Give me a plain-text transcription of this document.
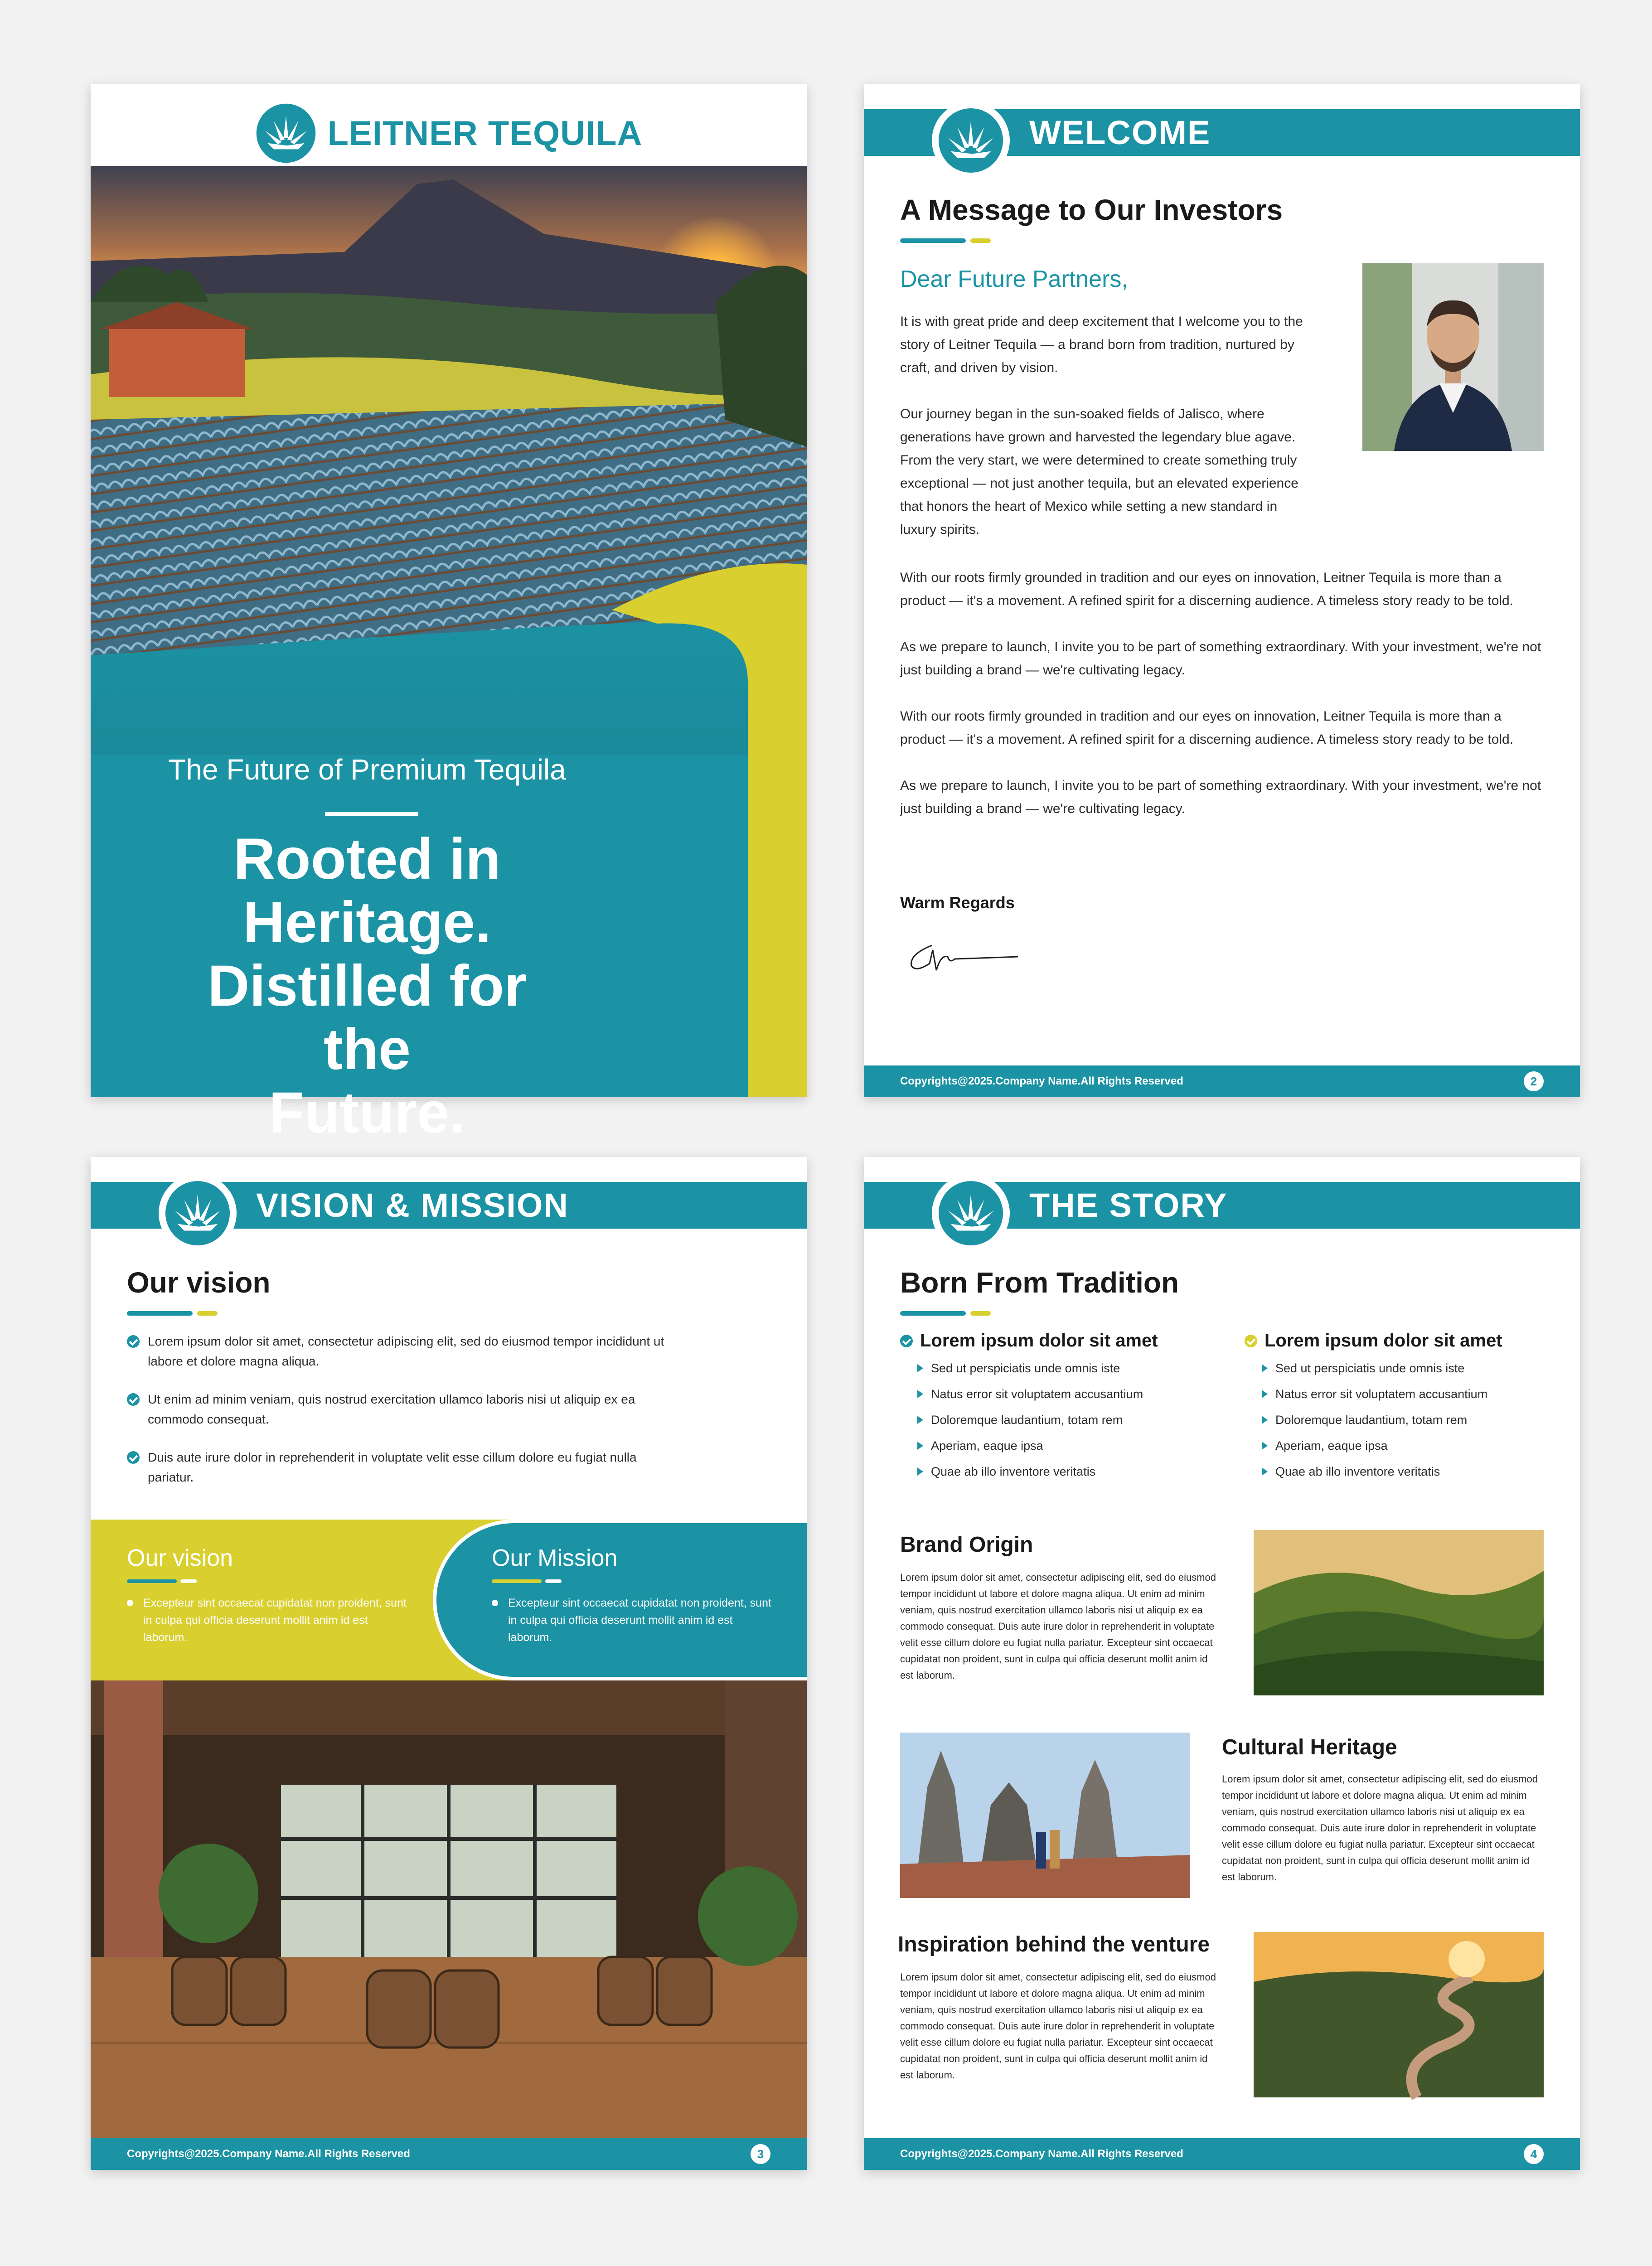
LEITNER TEQUILA
The Future of Premium Tequila
Rooted in Heritage.
Distilled for the
Future.
WELCOME
A Message to Our Investors
Dear Future Partners,

It is with great pride and deep excitement that I welcome you to the story of Leitner Tequila — a brand born from tradition, nurtured by craft, and driven by vision.

Our journey began in the sun-soaked fields of Jalisco, where generations have grown and harvested the legendary blue agave. From the very start, we were determined to create something truly exceptional — not just another tequila, but an elevated experience that honors the heart of Mexico while setting a new standard in luxury spirits.

With our roots firmly grounded in tradition and our eyes on innovation, Leitner Tequila is more than a product — it's a movement. A refined spirit for a discerning audience. A timeless story ready to be told.

As we prepare to launch, I invite you to be part of something extraordinary. With your investment, we're not just building a brand — we're cultivating legacy.

With our roots firmly grounded in tradition and our eyes on innovation, Leitner Tequila is more than a product — it's a movement. A refined spirit for a discerning audience. A timeless story ready to be told.

As we prepare to launch, I invite you to be part of something extraordinary. With your investment, we're not just building a brand — we're cultivating legacy.

Warm Regards
Copyrights@2025.Company Name.All Rights Reserved	2
VISION & MISSION
Our vision
Lorem ipsum dolor sit amet, consectetur adipiscing elit, sed do eiusmod tempor incididunt ut labore et dolore magna aliqua.
Ut enim ad minim veniam, quis nostrud exercitation ullamco laboris nisi ut aliquip ex ea commodo consequat.
Duis aute irure dolor in reprehenderit in voluptate velit esse cillum dolore eu fugiat nulla pariatur.
Our vision
Excepteur sint occaecat cupidatat non proident, sunt in culpa qui officia deserunt mollit anim id est laborum.
Our Mission
Excepteur sint occaecat cupidatat non proident, sunt in culpa qui officia deserunt mollit anim id est laborum.
Copyrights@2025.Company Name.All Rights Reserved	3
THE STORY
Born From Tradition
Lorem ipsum dolor sit amet
Sed ut perspiciatis unde omnis iste
Natus error sit voluptatem accusantium
Doloremque laudantium, totam rem
Aperiam, eaque ipsa
Quae ab illo inventore veritatis
Lorem ipsum dolor sit amet
Sed ut perspiciatis unde omnis iste
Natus error sit voluptatem accusantium
Doloremque laudantium, totam rem
Aperiam, eaque ipsa
Quae ab illo inventore veritatis
Brand Origin
Lorem ipsum dolor sit amet, consectetur adipiscing elit, sed do eiusmod tempor incididunt ut labore et dolore magna aliqua. Ut enim ad minim veniam, quis nostrud exercitation ullamco laboris nisi ut aliquip ex ea commodo consequat. Duis aute irure dolor in reprehenderit in voluptate velit esse cillum dolore eu fugiat nulla pariatur. Excepteur sint occaecat cupidatat non proident, sunt in culpa qui officia deserunt mollit anim id est laborum.
Cultural Heritage
Lorem ipsum dolor sit amet, consectetur adipiscing elit, sed do eiusmod tempor incididunt ut labore et dolore magna aliqua. Ut enim ad minim veniam, quis nostrud exercitation ullamco laboris nisi ut aliquip ex ea commodo consequat. Duis aute irure dolor in reprehenderit in voluptate velit esse cillum dolore eu fugiat nulla pariatur. Excepteur sint occaecat cupidatat non proident, sunt in culpa qui officia deserunt mollit anim id est laborum.
Inspiration behind the venture
Lorem ipsum dolor sit amet, consectetur adipiscing elit, sed do eiusmod tempor incididunt ut labore et dolore magna aliqua. Ut enim ad minim veniam, quis nostrud exercitation ullamco laboris nisi ut aliquip ex ea commodo consequat. Duis aute irure dolor in reprehenderit in voluptate velit esse cillum dolore eu fugiat nulla pariatur. Excepteur sint occaecat cupidatat non proident, sunt in culpa qui officia deserunt mollit anim id est laborum.
Copyrights@2025.Company Name.All Rights Reserved	4
